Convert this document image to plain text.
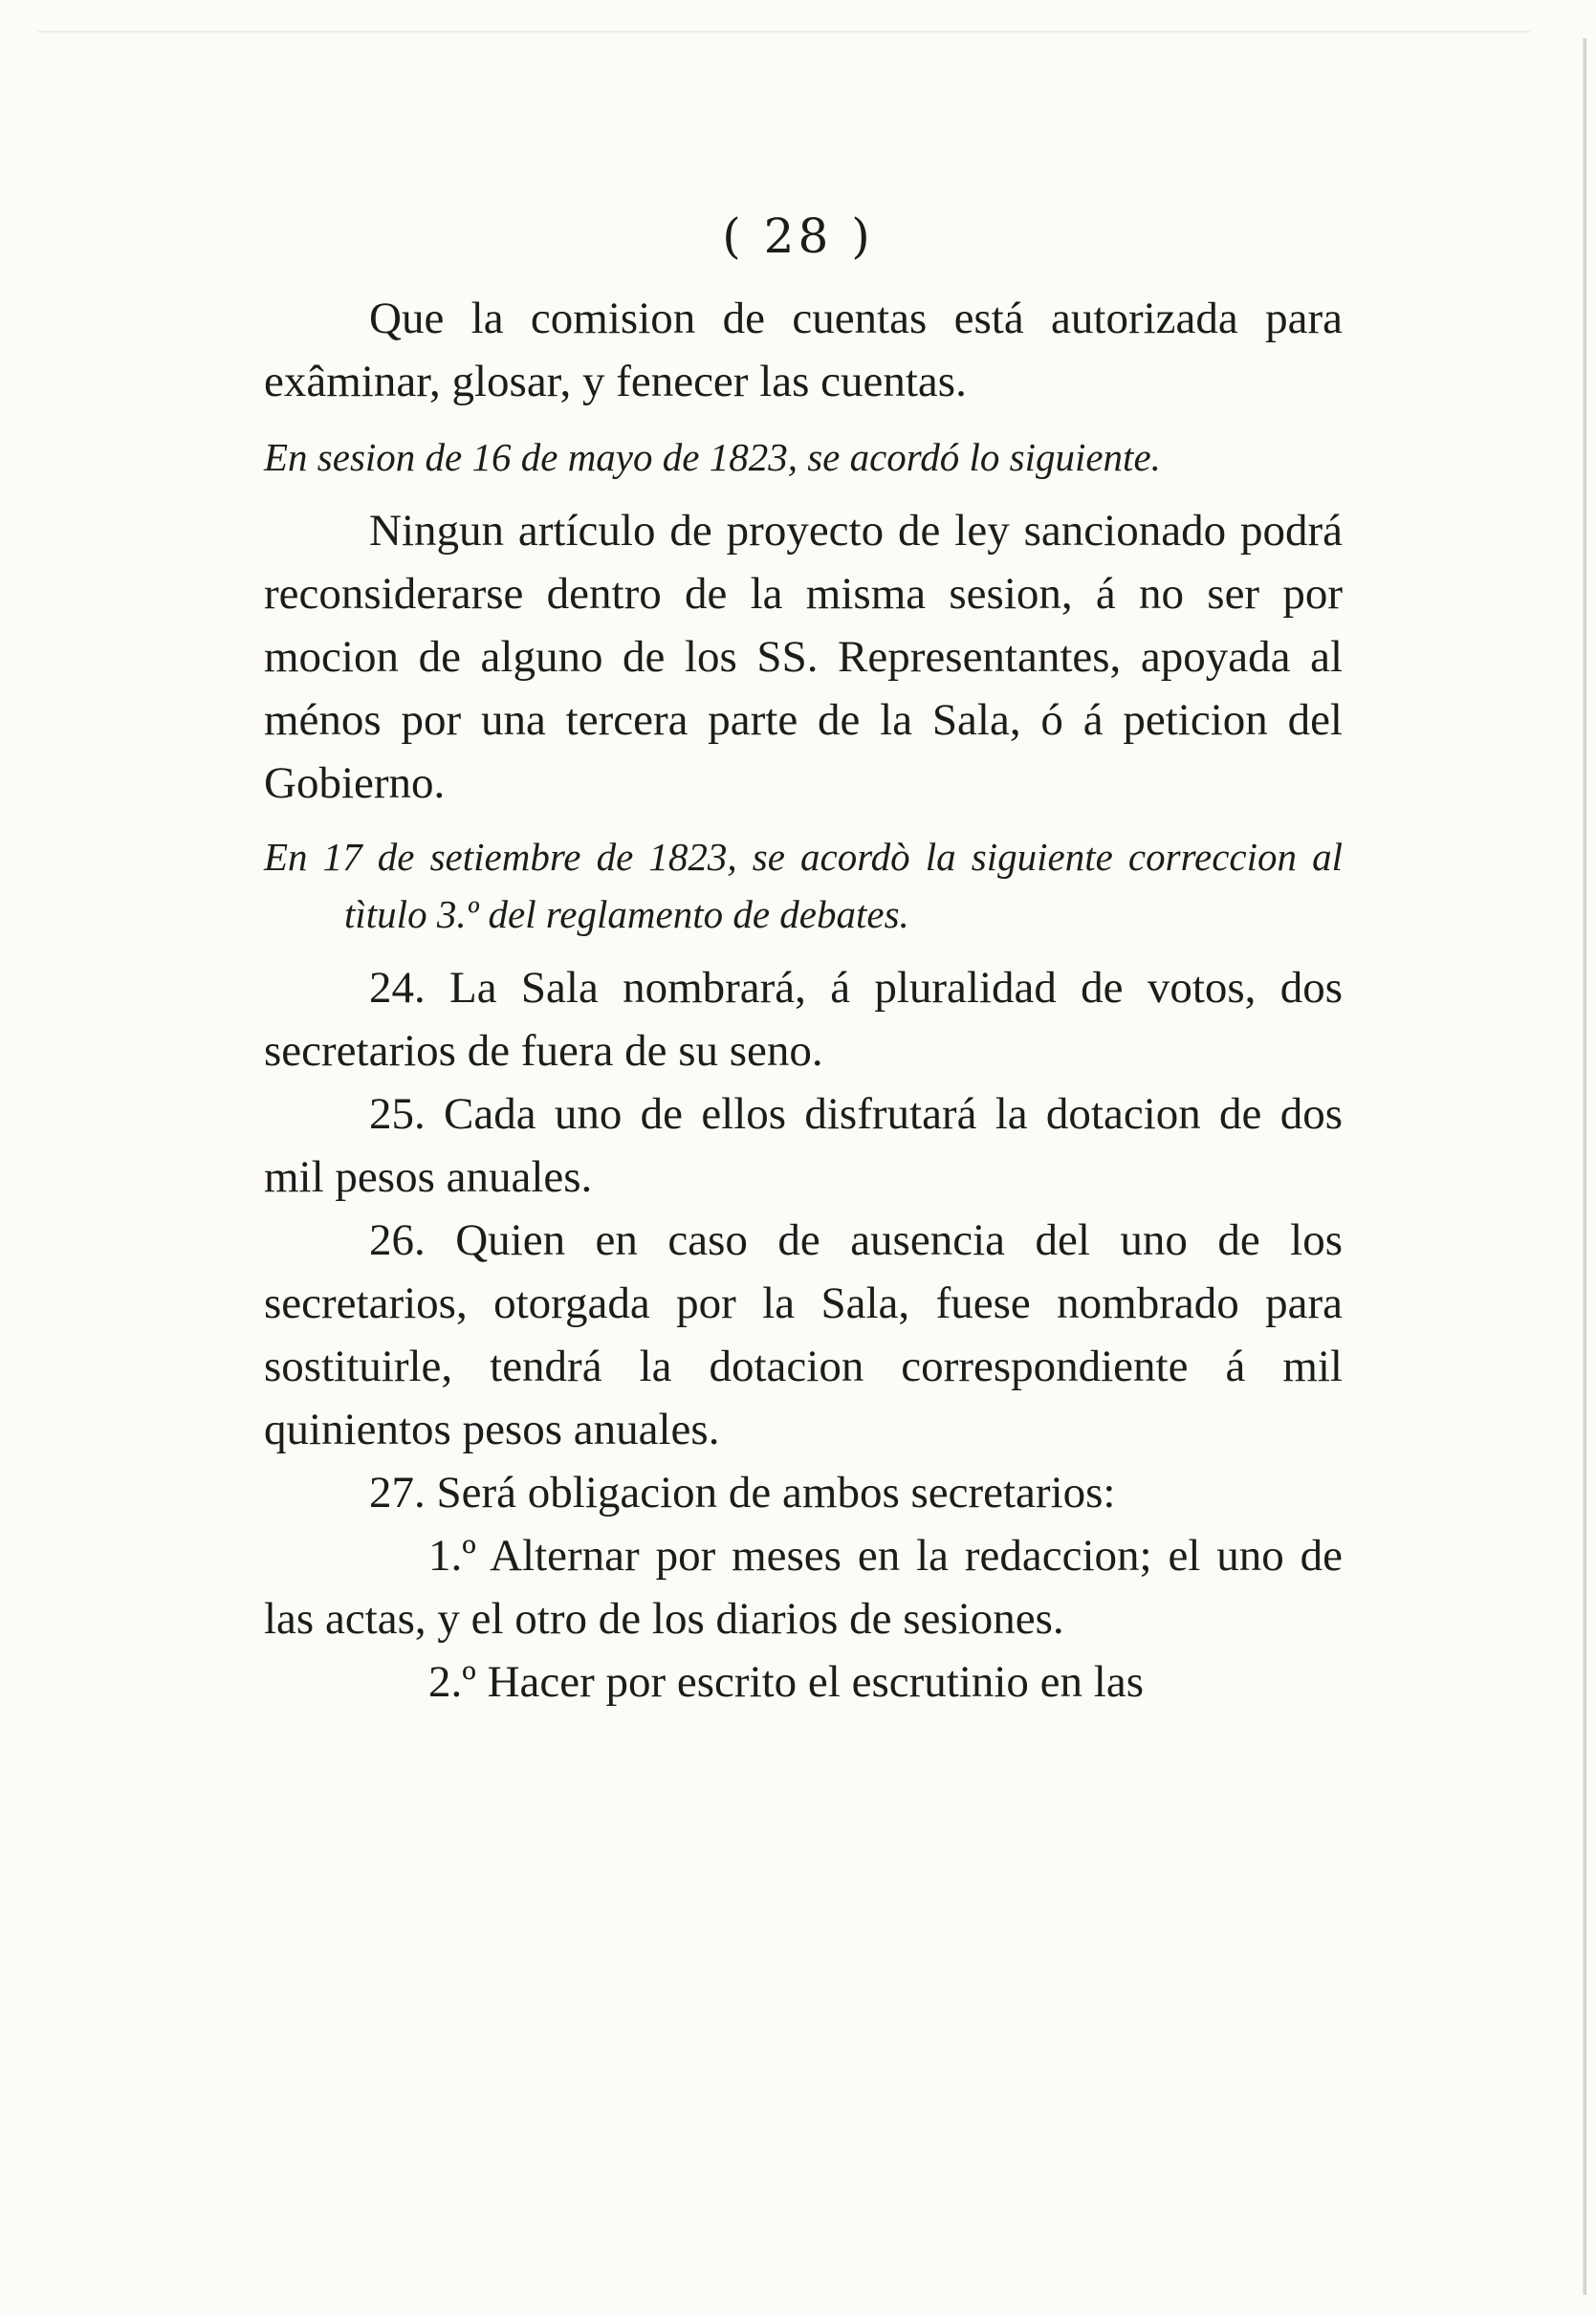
( 28 )

Que la comision de cuentas está autorizada para exâminar, glosar, y fenecer las cuentas.

En sesion de 16 de mayo de 1823, se acordó lo siguiente.

Ningun artículo de proyecto de ley sancionado podrá reconsiderarse dentro de la misma sesion, á no ser por mocion de alguno de los SS. Representantes, apoyada al ménos por una tercera parte de la Sala, ó á peticion del Gobierno.

En 17 de setiembre de 1823, se acordò la siguiente correccion al tìtulo 3.º del reglamento de debates.

24. La Sala nombrará, á pluralidad de votos, dos secretarios de fuera de su seno.

25. Cada uno de ellos disfrutará la dotacion de dos mil pesos anuales.

26. Quien en caso de ausencia del uno de los secretarios, otorgada por la Sala, fuese nombrado para sostituirle, tendrá la dotacion correspondiente á mil quinientos pesos anuales.

27. Será obligacion de ambos secretarios:

1.º Alternar por meses en la redaccion; el uno de las actas, y el otro de los diarios de sesiones.

2.º Hacer por escrito el escrutinio en las
